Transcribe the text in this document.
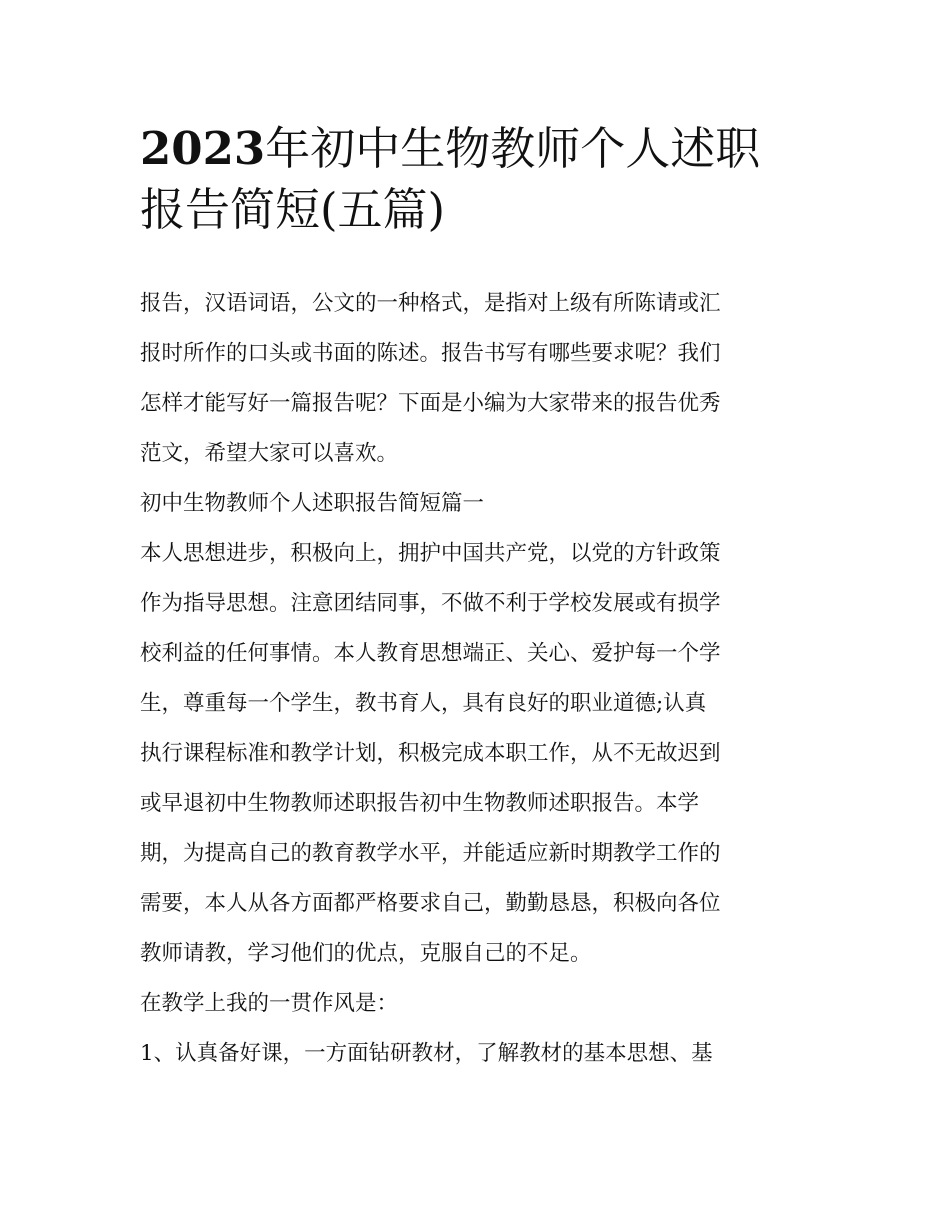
2023年初中生物教师个人述职
报告简短(五篇)

报告，汉语词语，公文的一种格式，是指对上级有所陈请或汇
报时所作的口头或书面的陈述。报告书写有哪些要求呢？我们
怎样才能写好一篇报告呢？下面是小编为大家带来的报告优秀
范文，希望大家可以喜欢。

初中生物教师个人述职报告简短篇一

本人思想进步，积极向上，拥护中国共产党，以党的方针政策
作为指导思想。注意团结同事，不做不利于学校发展或有损学
校利益的任何事情。本人教育思想端正、关心、爱护每一个学
生，尊重每一个学生，教书育人，具有良好的职业道德;认真
执行课程标准和教学计划，积极完成本职工作，从不无故迟到
或早退初中生物教师述职报告初中生物教师述职报告。本学
期，为提高自己的教育教学水平，并能适应新时期教学工作的
需要，本人从各方面都严格要求自己，勤勤恳恳，积极向各位
教师请教，学习他们的优点，克服自己的不足。

在教学上我的一贯作风是：

1、认真备好课，一方面钻研教材，了解教材的基本思想、基
